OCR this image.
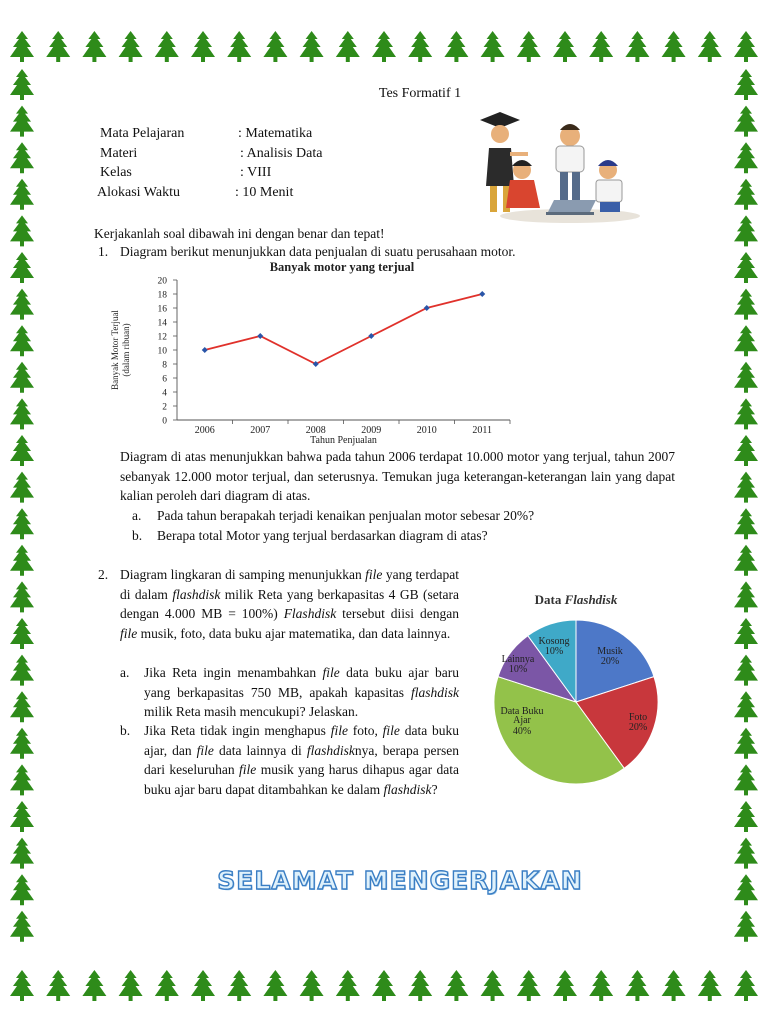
Tes Formatif 1
Mata Pelajaran	: Matematika
Materi	: Analisis Data
Kelas	: VIII
Alokasi Waktu	: 10 Menit
Kerjakanlah soal dibawah ini dengan benar dan tepat!
1. Diagram berikut menunjukkan data penjualan di suatu perusahaan motor.
Banyak motor yang terjual
0
2
4
6
8
10
12
14
16
18
20
2006	2007	2008	2009	2010	2011
Tahun Penjualan
Banyak Motor Terjual (dalam ribuan)
Diagram di atas menunjukkan bahwa pada tahun 2006 terdapat 10.000 motor yang terjual, tahun 2007 sebanyak 12.000 motor terjual, dan seterusnya. Temukan juga keterangan-keterangan lain yang dapat kalian peroleh dari diagram di atas.
a. Pada tahun berapakah terjadi kenaikan penjualan motor sebesar 20%?
b. Berapa total Motor yang terjual berdasarkan diagram di atas?
2. Diagram lingkaran di samping menunjukkan file yang terdapat di dalam flashdisk milik Reta yang berkapasitas 4 GB (setara dengan 4.000 MB = 100%) Flashdisk tersebut diisi dengan file musik, foto, data buku ajar matematika, dan data lainnya.
a.	Jika Reta ingin menambahkan file data buku ajar baru yang berkapasitas 750 MB, apakah kapasitas flashdisk milik Reta masih mencukupi? Jelaskan.
b.	Jika Reta tidak ingin menghapus file foto, file data buku ajar, dan file data lainnya di flashdisknya, berapa persen dari keseluruhan file musik yang harus dihapus agar data buku ajar baru dapat ditambahkan ke dalam flashdisk?
Data Flashdisk
Musik
20%
Foto
20%
Data Buku
Ajar
40%
Lainnya
10%
Kosong
10%
SELAMAT MENGERJAKAN
